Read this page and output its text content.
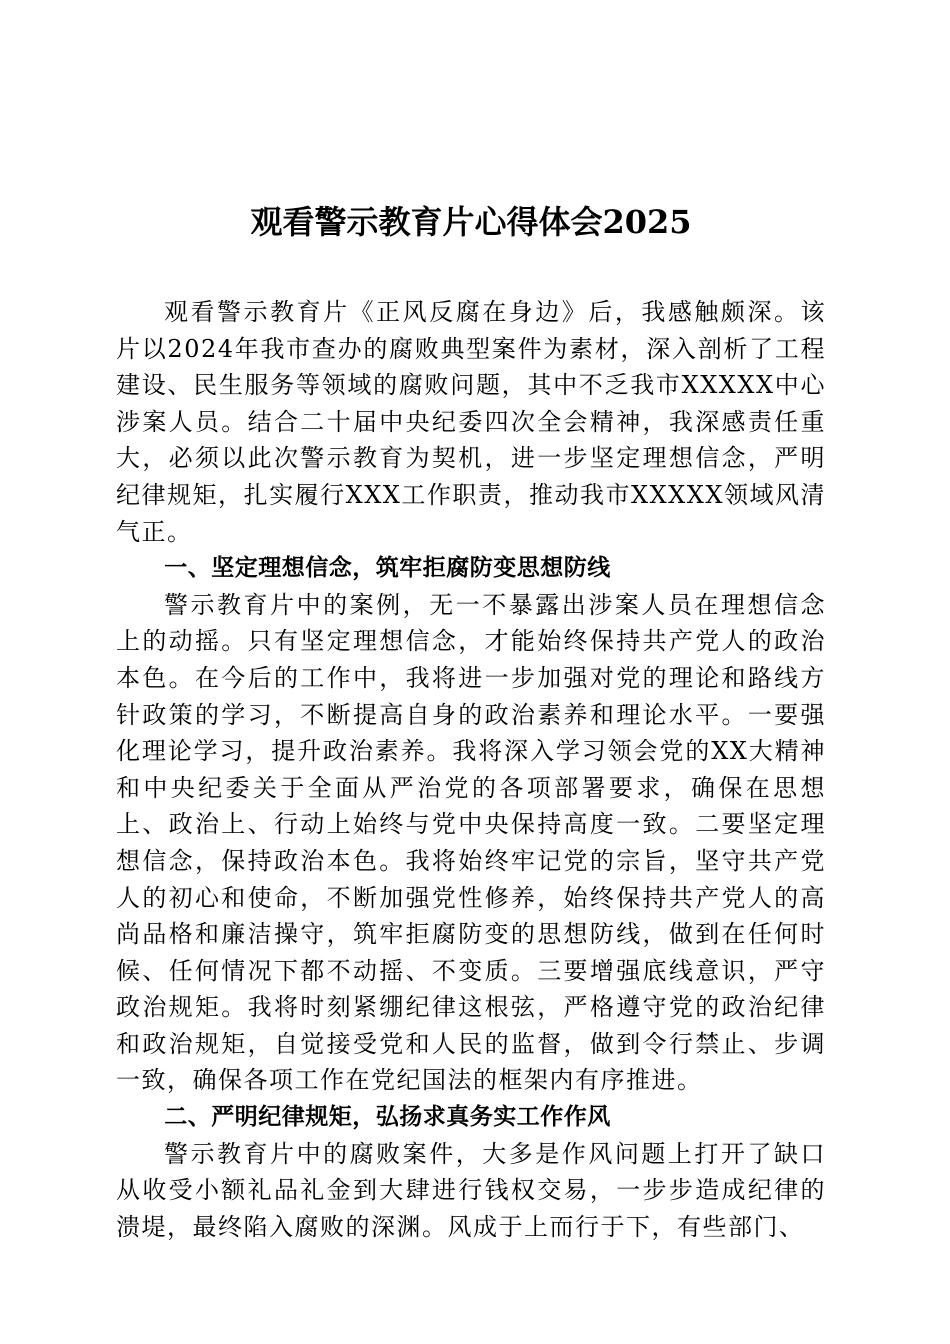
观看警示教育片心得体会2025

观看警示教育片《正风反腐在身边》后，我感触颇深。该片以2024年我市查办的腐败典型案件为素材，深入剖析了工程建设、民生服务等领域的腐败问题，其中不乏我市XXXXX中心涉案人员。结合二十届中央纪委四次全会精神，我深感责任重大，必须以此次警示教育为契机，进一步坚定理想信念，严明纪律规矩，扎实履行XXX工作职责，推动我市XXXXX领域风清气正。

一、坚定理想信念，筑牢拒腐防变思想防线

警示教育片中的案例，无一不暴露出涉案人员在理想信念上的动摇。只有坚定理想信念，才能始终保持共产党人的政治本色。在今后的工作中，我将进一步加强对党的理论和路线方针政策的学习，不断提高自身的政治素养和理论水平。一要强化理论学习，提升政治素养。我将深入学习领会党的XX大精神和中央纪委关于全面从严治党的各项部署要求，确保在思想上、政治上、行动上始终与党中央保持高度一致。二要坚定理想信念，保持政治本色。我将始终牢记党的宗旨，坚守共产党人的初心和使命，不断加强党性修养，始终保持共产党人的高尚品格和廉洁操守，筑牢拒腐防变的思想防线，做到在任何时候、任何情况下都不动摇、不变质。三要增强底线意识，严守政治规矩。我将时刻紧绷纪律这根弦，严格遵守党的政治纪律和政治规矩，自觉接受党和人民的监督，做到令行禁止、步调一致，确保各项工作在党纪国法的框架内有序推进。

二、严明纪律规矩，弘扬求真务实工作作风

警示教育片中的腐败案件，大多是作风问题上打开了缺口从收受小额礼品礼金到大肆进行钱权交易，一步步造成纪律的溃堤，最终陷入腐败的深渊。风成于上而行于下，有些部门、
